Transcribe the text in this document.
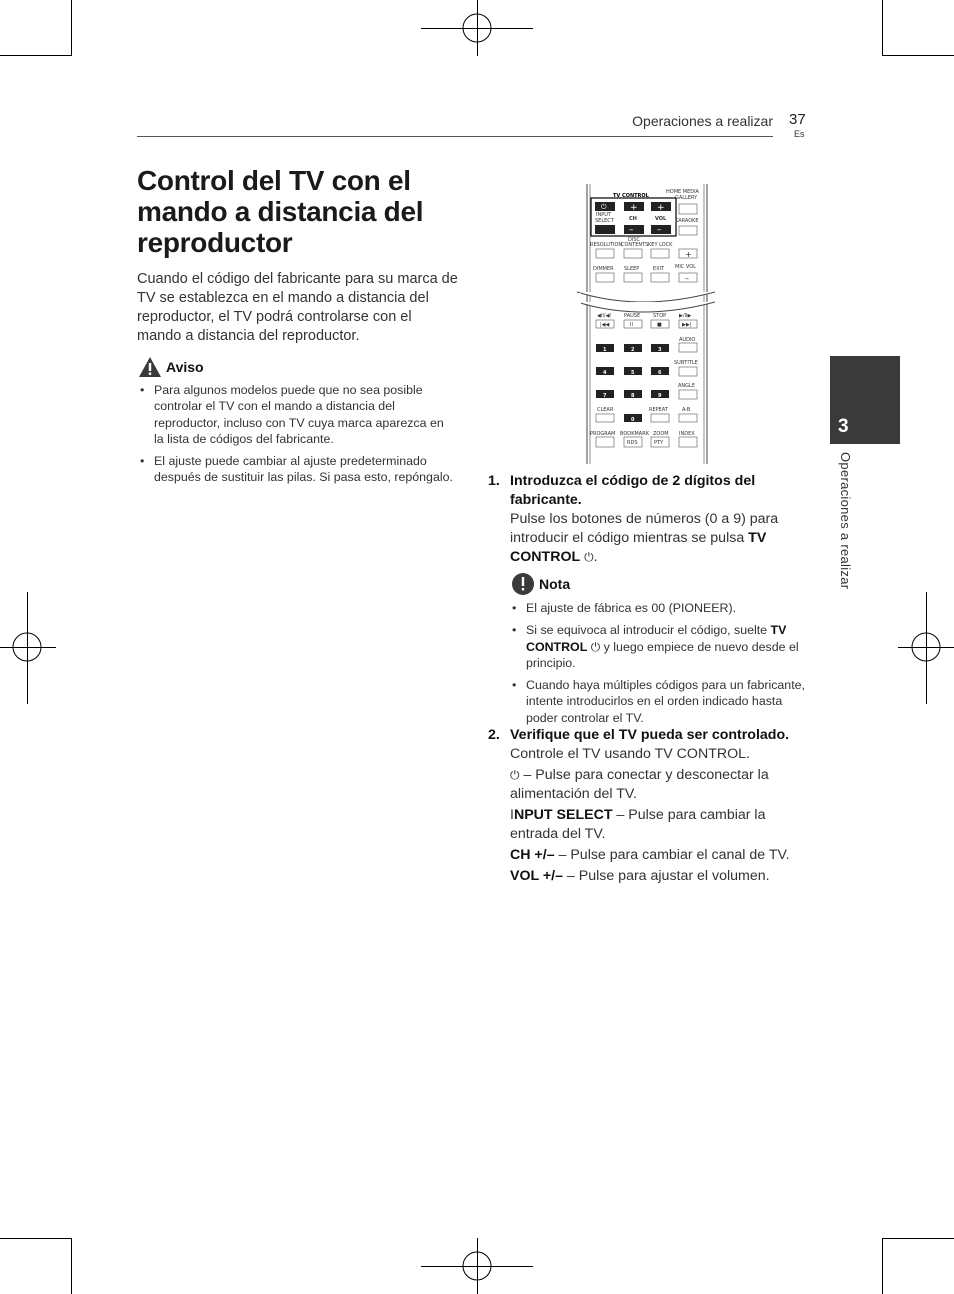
Operaciones a realizar 37
Es
Control del TV con el mando a distancia del reproductor
Cuando el código del fabricante para su marca de TV se establezca en el mando a distancia del reproductor, el TV podrá controlarse con el mando a distancia del reproductor.
Aviso
• Para algunos modelos puede que no sea posible controlar el TV con el mando a distancia del reproductor, incluso con TV cuya marca aparezca en la lista de códigos del fabricante.
• El ajuste puede cambiar al ajuste predeterminado después de sustituir las pilas. Si pasa esto, repóngalo.
TV CONTROL
HOME MEDIA
GALLERY
⏻	+ +
INPUT
SELECT	CH	VOL
–	–
KARAOKE
DISC
RESOLUTION
CONTENTS KEY LOCK
+
MIC VOL
DIMMER SLEEP	EXIT
–
◀II/◀I	PAUSE	STOP	▶/II▶
|◀◀	II	■	▶▶|
AUDIO
1	2	3
SUBTITLE
4	5	6
ANGLE
7	8	9
CLEAR	REPEAT	A-B
0
PROGRAM BOOKMARK ZOOM INDEX
RDS	PTY
1. Introduzca el código de 2 dígitos del fabricante.
Pulse los botones de números (0 a 9) para introducir el código mientras se pulsa TV CONTROL ⏻.
Nota
• El ajuste de fábrica es 00 (PIONEER).
• Si se equivoca al introducir el código, suelte TV CONTROL ⏻ y luego empiece de nuevo desde el principio.
• Cuando haya múltiples códigos para un fabricante, intente introducirlos en el orden indicado hasta poder controlar el TV.
2. Verifique que el TV pueda ser controlado.

Controle el TV usando TV CONTROL.

⏻ – Pulse para conectar y desconectar la alimentación del TV.

INPUT SELECT – Pulse para cambiar la entrada del TV.

CH +/– – Pulse para cambiar el canal de TV.

VOL +/– – Pulse para ajustar el volumen.

3
Operaciones a realizar
